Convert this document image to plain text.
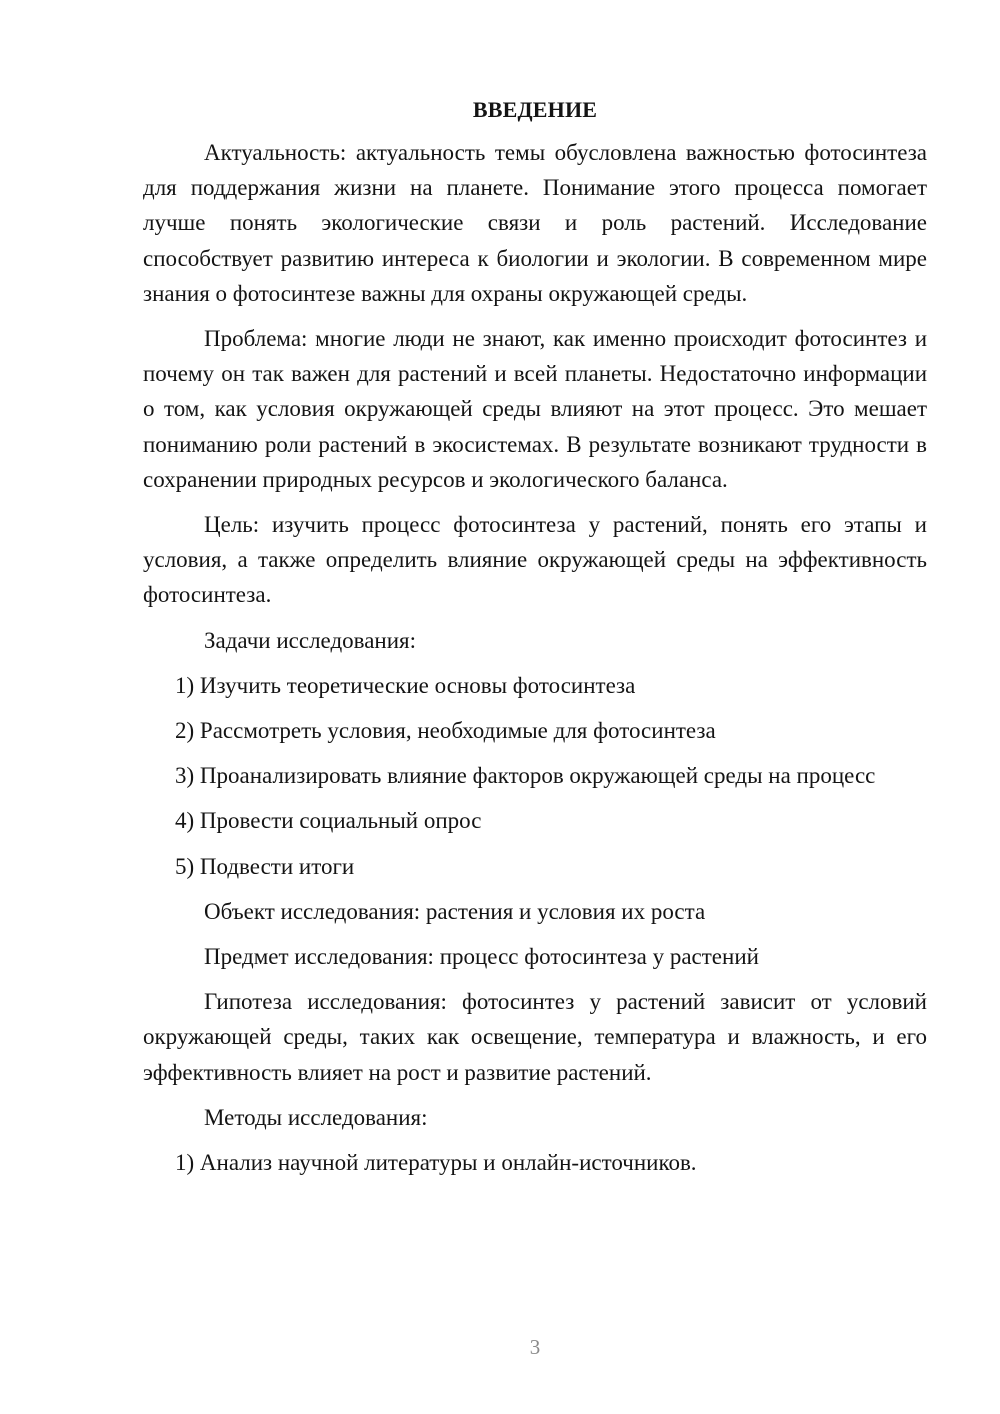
ВВЕДЕНИЕ

Актуальность: актуальность темы обусловлена важностью фотосинтеза для поддержания жизни на планете. Понимание этого процесса помогает лучше понять экологические связи и роль растений. Исследование способствует развитию интереса к биологии и экологии. В современном мире знания о фотосинтезе важны для охраны окружающей среды.

Проблема: многие люди не знают, как именно происходит фотосинтез и почему он так важен для растений и всей планеты. Недостаточно информации о том, как условия окружающей среды влияют на этот процесс. Это мешает пониманию роли растений в экосистемах. В результате возникают трудности в сохранении природных ресурсов и экологического баланса.

Цель: изучить процесс фотосинтеза у растений, понять его этапы и условия, а также определить влияние окружающей среды на эффективность фотосинтеза.

Задачи исследования:
1) Изучить теоретические основы фотосинтеза
2) Рассмотреть условия, необходимые для фотосинтеза

3) Проанализировать влияние факторов окружающей среды на процесс

4) Провести социальный опрос
5) Подвести итоги
Объект исследования: растения и условия их роста
Предмет исследования: процесс фотосинтеза у растений

Гипотеза исследования: фотосинтез у растений зависит от условий окружающей среды, таких как освещение, температура и влажность, и его эффективность влияет на рост и развитие растений.

Методы исследования:
1) Анализ научной литературы и онлайн-источников.
3
